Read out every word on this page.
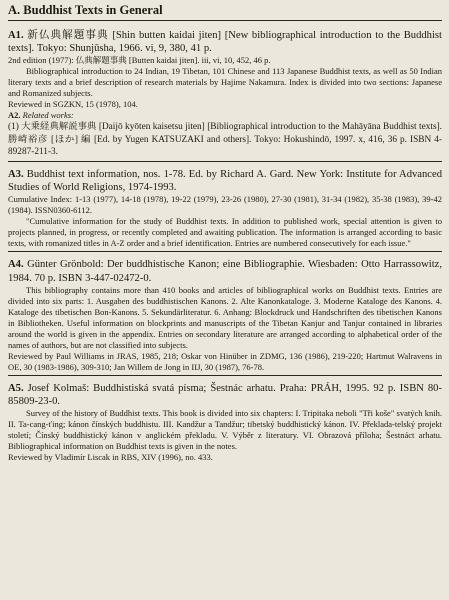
A. Buddhist Texts in General

A1. 新仏典解題事典 [Shin butten kaidai jiten] [New bibliographical introduction to the Buddhist texts]. Tokyo: Shunjūsha, 1966. vi, 9, 380, 41 p.

2nd edition (1977): 仏典解題事典 [Butten kaidai jiten]. iii, vi, 10, 452, 46 p.

Bibliographical introduction to 24 Indian, 19 Tibetan, 101 Chinese and 113 Japanese Buddhist texts, as well as 50 Indian literary texts and a brief description of research materials by Hajime Nakamura. Index is divided into two sections: Japanese and Romanized subjects.

Reviewed in SGZKN, 15 (1978), 104.

A2. Related works:

(1) 大乗経典解説事典 [Daijō kyōten kaisetsu jiten] [Bibliographical introduction to the Mahāyāna Buddhist texts]. 勝崎裕彦 [ほか] 編 [Ed. by Yugen KATSUZAKI and others]. Tokyo: Hokushindō, 1997. x, 416, 36 p. ISBN 4-89287-211-3.

A3. Buddhist text information, nos. 1-78. Ed. by Richard A. Gard. New York: Institute for Advanced Studies of World Religions, 1974-1993.

Cumulative Index: 1-13 (1977), 14-18 (1978), 19-22 (1979), 23-26 (1980), 27-30 (1981), 31-34 (1982), 35-38 (1983), 39-42 (1984). ISSN0360-6112.

"Cumulative information for the study of Buddhist texts. In addition to published work, special attention is given to projects planned, in progress, or recently completed and awaiting publication. The information is arranged according to basic texts, with romanized titles in A-Z order and a brief identification. Entries are numbered consecutively for each issue."

A4. Günter Grönbold: Der buddhistische Kanon; eine Bibliographie. Wiesbaden: Otto Harrassowitz, 1984. 70 p. ISBN 3-447-02472-0.

This bibliography contains more than 410 books and articles of bibliographical works on Buddhist texts. Entries are divided into six parts: 1. Ausgaben des buddhistischen Kanons. 2. Alte Kanonkataloge. 3. Moderne Kataloge des Kanons. 4. Kataloge des tibetischen Bon-Kanons. 5. Sekundärliteratur. 6. Anhang: Blockdruck und Handschriften des tibetischen Kanons in Bibliotheken. Useful information on blockprints and manuscripts of the Tibetan Kanjur and Tanjur contained in libraries around the world is given in the appendix. Entries on secondary literature are arranged according to alphabetical order of the names of authors, but are not classified into subjects.

Reviewed by Paul Williams in JRAS, 1985, 218; Oskar von Hinüber in ZDMG, 136 (1986), 219-220; Hartmut Walravens in OE, 30 (1983-1986), 309-310; Jan Willem de Jong in IIJ, 30 (1987), 76-78.

A5. Josef Kolmaš: Buddhistiská svatá písma; Šestnác arhatu. Praha: PRÁH, 1995. 92 p. ISBN 80-85809-23-0.

Survey of the history of Buddhist texts. This book is divided into six chapters: I. Tripitaka neboli "Tři koše" svatých knih. II. Ta-cang-ťing; kánon čínských buddhistu. III. Kandžur a Tandžur; tibetský buddhistický kánon. IV. Překlada-telský projekt století; Čínský buddhistický kánon v anglickém překladu. V. Výběr z literatury. VI. Obrazová příloha; Šestnáct arhatu. Bibliographical information on Buddhist texts is given in the notes.

Reviewed by Vladimír Liscak in RBS, XIV (1996), no. 433.
